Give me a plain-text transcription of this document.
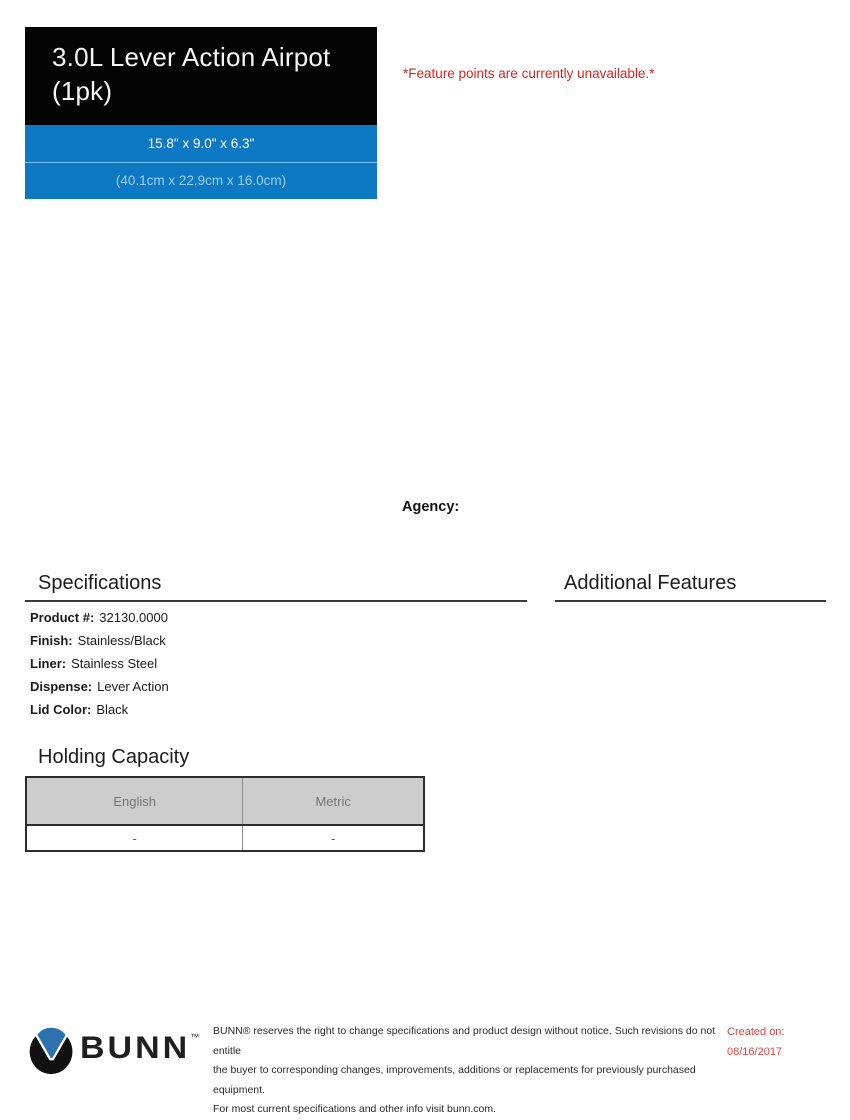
3.0L Lever Action Airpot (1pk)
15.8" x 9.0" x 6.3"
(40.1cm x 22.9cm x 16.0cm)
*Feature points are currently unavailable.*
Agency:
Specifications
Product #: 32130.0000
Finish: Stainless/Black
Liner: Stainless Steel
Dispense: Lever Action
Lid Color: Black
Additional Features
Holding Capacity
English	Metric
-	-
BUNN ™ BUNN® reserves the right to change specifications and product design without notice. Such revisions do not entitle
the buyer to corresponding changes, improvements, additions or replacements for previously purchased equipment.
For most current specifications and other info visit bunn.com.
Created on:
08/16/2017
